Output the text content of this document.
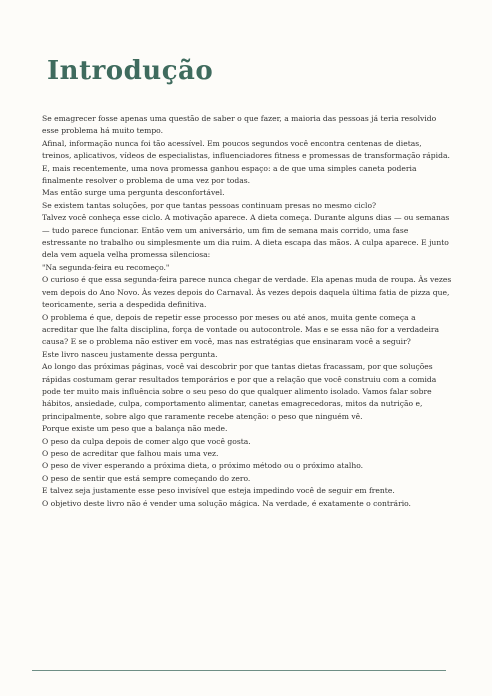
Introdução

Se emagrecer fosse apenas uma questão de saber o que fazer, a maioria das pessoas já teria resolvido esse problema há muito tempo.

Afinal, informação nunca foi tão acessível. Em poucos segundos você encontra centenas de dietas, treinos, aplicativos, vídeos de especialistas, influenciadores fitness e promessas de transformação rápida. E, mais recentemente, uma nova promessa ganhou espaço: a de que uma simples caneta poderia finalmente resolver o problema de uma vez por todas.

Mas então surge uma pergunta desconfortável.

Se existem tantas soluções, por que tantas pessoas continuam presas no mesmo ciclo?

Talvez você conheça esse ciclo. A motivação aparece. A dieta começa. Durante alguns dias — ou semanas — tudo parece funcionar. Então vem um aniversário, um fim de semana mais corrido, uma fase estressante no trabalho ou simplesmente um dia ruim. A dieta escapa das mãos. A culpa aparece. E junto dela vem aquela velha promessa silenciosa:

"Na segunda-feira eu recomeço."

O curioso é que essa segunda-feira parece nunca chegar de verdade. Ela apenas muda de roupa. Às vezes vem depois do Ano Novo. Às vezes depois do Carnaval. Às vezes depois daquela última fatia de pizza que, teoricamente, seria a despedida definitiva.

O problema é que, depois de repetir esse processo por meses ou até anos, muita gente começa a acreditar que lhe falta disciplina, força de vontade ou autocontrole. Mas e se essa não for a verdadeira causa? E se o problema não estiver em você, mas nas estratégias que ensinaram você a seguir?

Este livro nasceu justamente dessa pergunta.

Ao longo das próximas páginas, você vai descobrir por que tantas dietas fracassam, por que soluções rápidas costumam gerar resultados temporários e por que a relação que você construiu com a comida pode ter muito mais influência sobre o seu peso do que qualquer alimento isolado. Vamos falar sobre hábitos, ansiedade, culpa, comportamento alimentar, canetas emagrecedoras, mitos da nutrição e, principalmente, sobre algo que raramente recebe atenção: o peso que ninguém vê.

Porque existe um peso que a balança não mede.

O peso da culpa depois de comer algo que você gosta.

O peso de acreditar que falhou mais uma vez.

O peso de viver esperando a próxima dieta, o próximo método ou o próximo atalho.

O peso de sentir que está sempre começando do zero.

E talvez seja justamente esse peso invisível que esteja impedindo você de seguir em frente.

O objetivo deste livro não é vender uma solução mágica. Na verdade, é exatamente o contrário.
